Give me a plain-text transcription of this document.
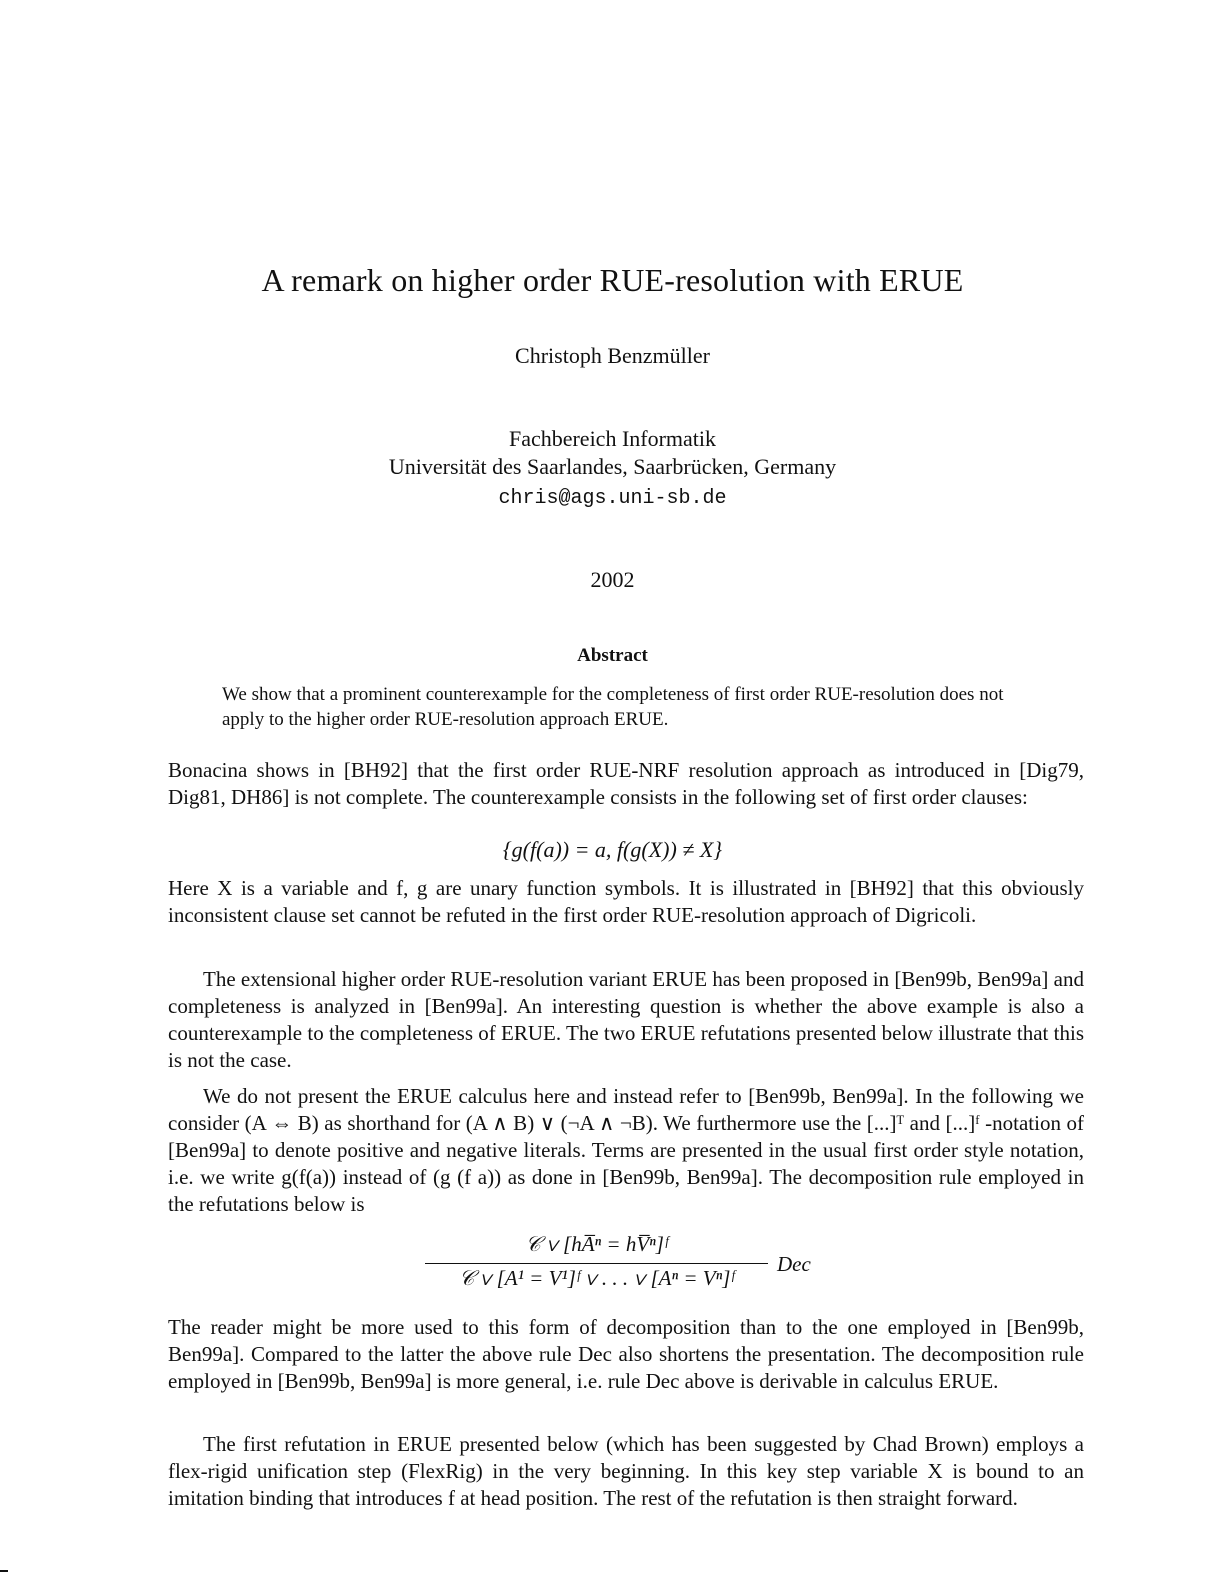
A remark on higher order RUE-resolution with ERUE
Christoph Benzmüller
Fachbereich Informatik
Universität des Saarlandes, Saarbrücken, Germany
chris@ags.uni-sb.de
2002
Abstract
We show that a prominent counterexample for the completeness of first order RUE-resolution does not apply to the higher order RUE-resolution approach ERUE.

Bonacina shows in [BH92] that the first order RUE-NRF resolution approach as introduced in [Dig79, Dig81, DH86] is not complete. The counterexample consists in the following set of first order clauses:

{g(f(a)) = a, f(g(X)) ≠ X}

Here X is a variable and f, g are unary function symbols. It is illustrated in [BH92] that this obviously inconsistent clause set cannot be refuted in the first order RUE-resolution approach of Digricoli.

The extensional higher order RUE-resolution variant ERUE has been proposed in [Ben99b, Ben99a] and completeness is analyzed in [Ben99a]. An interesting question is whether the above example is also a counterexample to the completeness of ERUE. The two ERUE refutations presented below illustrate that this is not the case.

We do not present the ERUE calculus here and instead refer to [Ben99b, Ben99a]. In the following we consider (A ⇔ B) as shorthand for (A ∧ B) ∨ (¬A ∧ ¬B). We furthermore use the [...]ᵀ and [...]ᶠ -notation of [Ben99a] to denote positive and negative literals. Terms are presented in the usual first order style notation, i.e. we write g(f(a)) instead of (g (f a)) as done in [Ben99b, Ben99a]. The decomposition rule employed in the refutations below is

𝒞 ∨ [hA̅ⁿ = hV̅ⁿ]ᶠ
𝒞 ∨ [A¹ = V¹]ᶠ ∨ . . . ∨ [Aⁿ = Vⁿ]ᶠ
Dec

The reader might be more used to this form of decomposition than to the one employed in [Ben99b, Ben99a]. Compared to the latter the above rule Dec also shortens the presentation. The decomposition rule employed in [Ben99b, Ben99a] is more general, i.e. rule Dec above is derivable in calculus ERUE.

The first refutation in ERUE presented below (which has been suggested by Chad Brown) employs a flex-rigid unification step (FlexRig) in the very beginning. In this key step variable X is bound to an imitation binding that introduces f at head position. The rest of the refutation is then straight forward.
